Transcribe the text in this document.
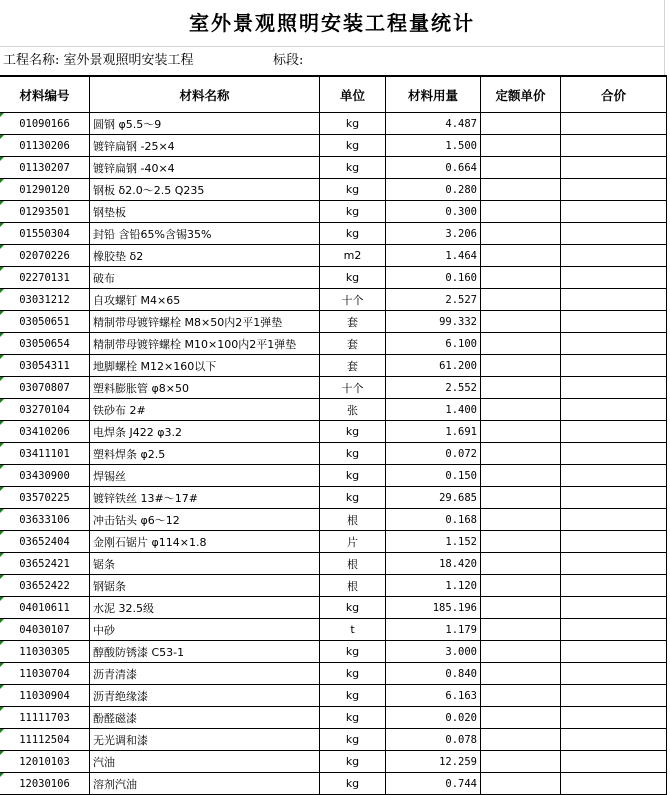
室外景观照明安装工程量统计
工程名称: 室外景观照明安装工程	标段:
材料编号	材料名称	单位	材料用量	定额单价	合价
01090166	圆钢 φ5.5～9	kg	4.487		
01130206	镀锌扁钢 -25×4	kg	1.500		
01130207	镀锌扁钢 -40×4	kg	0.664		
01290120	钢板 δ2.0～2.5 Q235	kg	0.280		
01293501	钢垫板	kg	0.300		
01550304	封铅 含铅65%含锡35%	kg	3.206		
02070226	橡胶垫 δ2	m2	1.464		
02270131	破布	kg	0.160		
03031212	自攻螺钉 M4×65	十个	2.527		
03050651	精制带母镀锌螺栓 M8×50内2平1弹垫	套	99.332		
03050654	精制带母镀锌螺栓 M10×100内2平1弹垫	套	6.100		
03054311	地脚螺栓 M12×160以下	套	61.200		
03070807	塑料膨胀管 φ8×50	十个	2.552		
03270104	铁砂布 2#	张	1.400		
03410206	电焊条 J422 φ3.2	kg	1.691		
03411101	塑料焊条 φ2.5	kg	0.072		
03430900	焊锡丝	kg	0.150		
03570225	镀锌铁丝 13#～17#	kg	29.685		
03633106	冲击钻头 φ6～12	根	0.168		
03652404	金刚石锯片 φ114×1.8	片	1.152		
03652421	锯条	根	18.420		
03652422	钢锯条	根	1.120		
04010611	水泥 32.5级	kg	185.196		
04030107	中砂	t	1.179		
11030305	醇酸防锈漆 C53-1	kg	3.000		
11030704	沥青清漆	kg	0.840		
11030904	沥青绝缘漆	kg	6.163		
11111703	酚醛磁漆	kg	0.020		
11112504	无光调和漆	kg	0.078		
12010103	汽油	kg	12.259		
12030106	溶剂汽油	kg	0.744		
